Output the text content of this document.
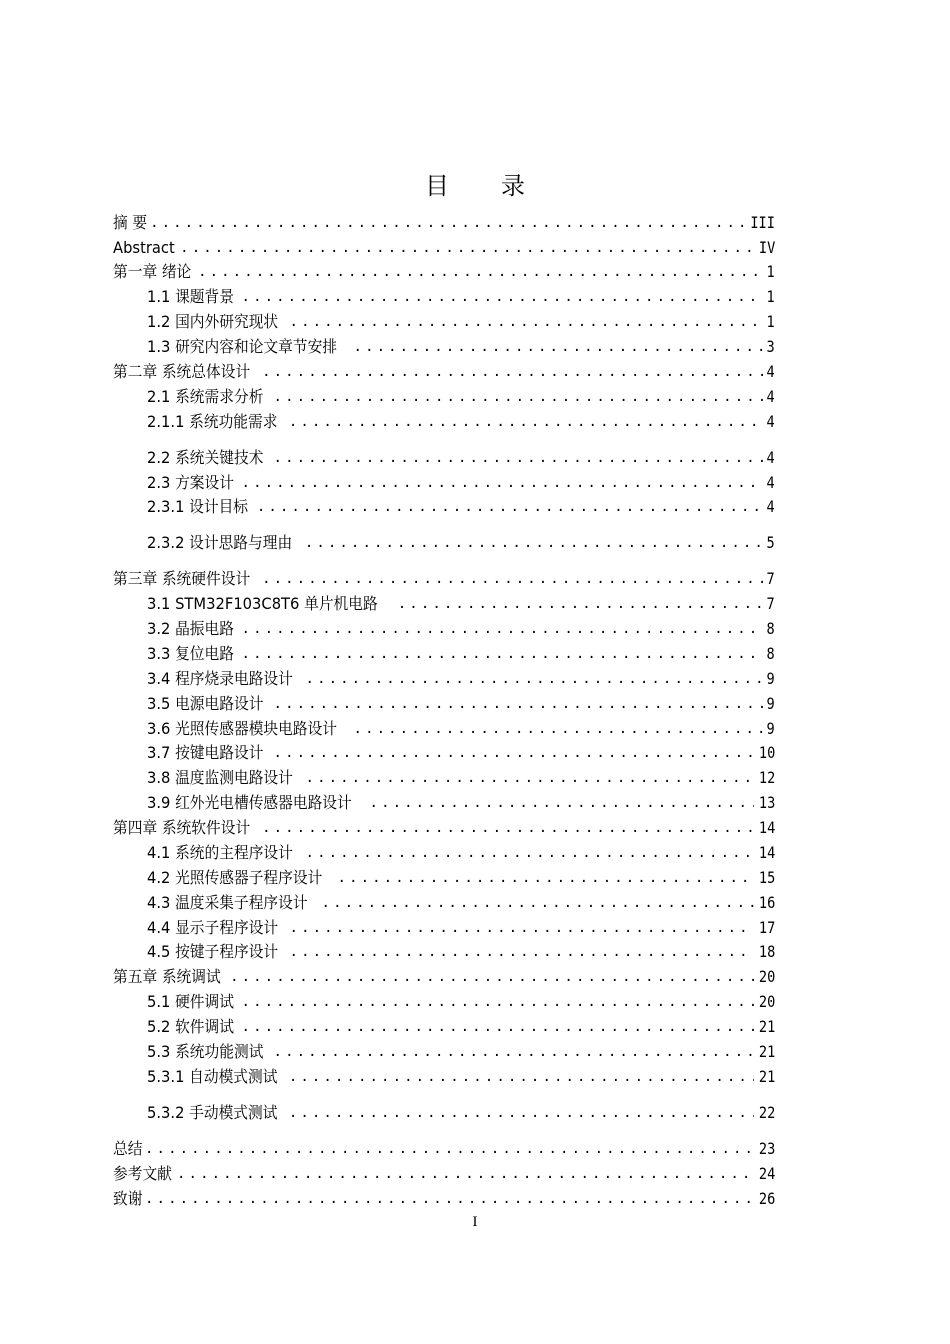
目 录
摘 要 .....	III
Abstract .....	IV
第一章 绪论 .....	1
1.1 课题背景 .....	1
1.2 国内外研究现状 .....	1
1.3 研究内容和论文章节安排 .....	3
第二章 系统总体设计 .....	4
2.1 系统需求分析 .....	4
2.1.1 系统功能需求 .....	4
2.2 系统关键技术 .....	4
2.3 方案设计 .....	4
2.3.1 设计目标 .....	4
2.3.2 设计思路与理由 .....	5
第三章 系统硬件设计 .....	7
3.1 STM32F103C8T6 单片机电路 .....	7
3.2 晶振电路 .....	8
3.3 复位电路 .....	8
3.4 程序烧录电路设计 .....	9
3.5 电源电路设计 .....	9
3.6 光照传感器模块电路设计 .....	9
3.7 按键电路设计 .....	10
3.8 温度监测电路设计 .....	12
3.9 红外光电槽传感器电路设计 .....	13
第四章 系统软件设计 .....	14
4.1 系统的主程序设计 .....	14
4.2 光照传感器子程序设计 .....	15
4.3 温度采集子程序设计 .....	16
4.4 显示子程序设计 .....	17
4.5 按键子程序设计 .....	18
第五章 系统调试 .....	20
5.1 硬件调试 .....	20
5.2 软件调试 .....	21
5.3 系统功能测试 .....	21
5.3.1 自动模式测试 .....	21
5.3.2 手动模式测试 .....	22
总结 .....	23
参考文献 .....	24
致谢 .....	26
I
